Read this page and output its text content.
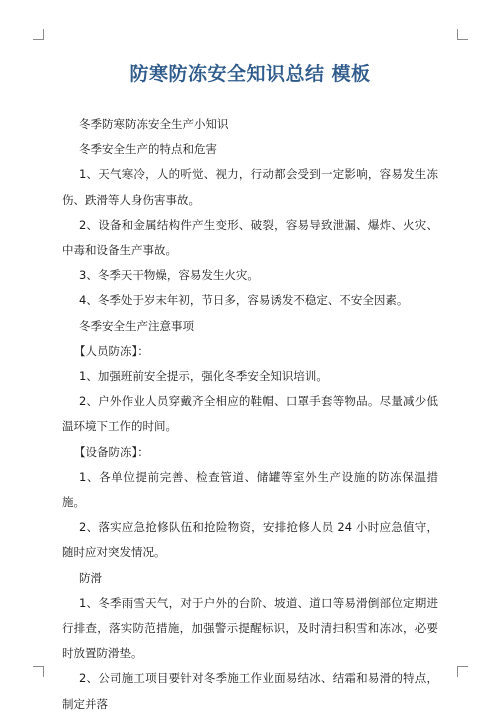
防寒防冻安全知识总结 模板

冬季防寒防冻安全生产小知识

冬季安全生产的特点和危害

1、天气寒冷，人的听觉、视力，行动都会受到一定影响，容易发生冻伤、跌滑等人身伤害事故。

2、设备和金属结构件产生变形、破裂，容易导致泄漏、爆炸、火灾、中毒和设备生产事故。

3、冬季天干物燥，容易发生火灾。

4、冬季处于岁末年初，节日多，容易诱发不稳定、不安全因素。

冬季安全生产注意事项

【人员防冻】：

1、加强班前安全提示，强化冬季安全知识培训。

2、户外作业人员穿戴齐全相应的鞋帽、口罩手套等物品。尽量减少低温环境下工作的时间。

【设备防冻】：

1、各单位提前完善、检查管道、储罐等室外生产设施的防冻保温措施。

2、落实应急抢修队伍和抢险物资，安排抢修人员 24 小时应急值守，随时应对突发情况。

防滑

1、冬季雨雪天气，对于户外的台阶、坡道、道口等易滑倒部位定期进行排查，落实防范措施，加强警示提醒标识，及时清扫积雪和冻冰，必要时放置防滑垫。

2、公司施工项目要针对冬季施工作业面易结冰、结霜和易滑的特点，制定并落
